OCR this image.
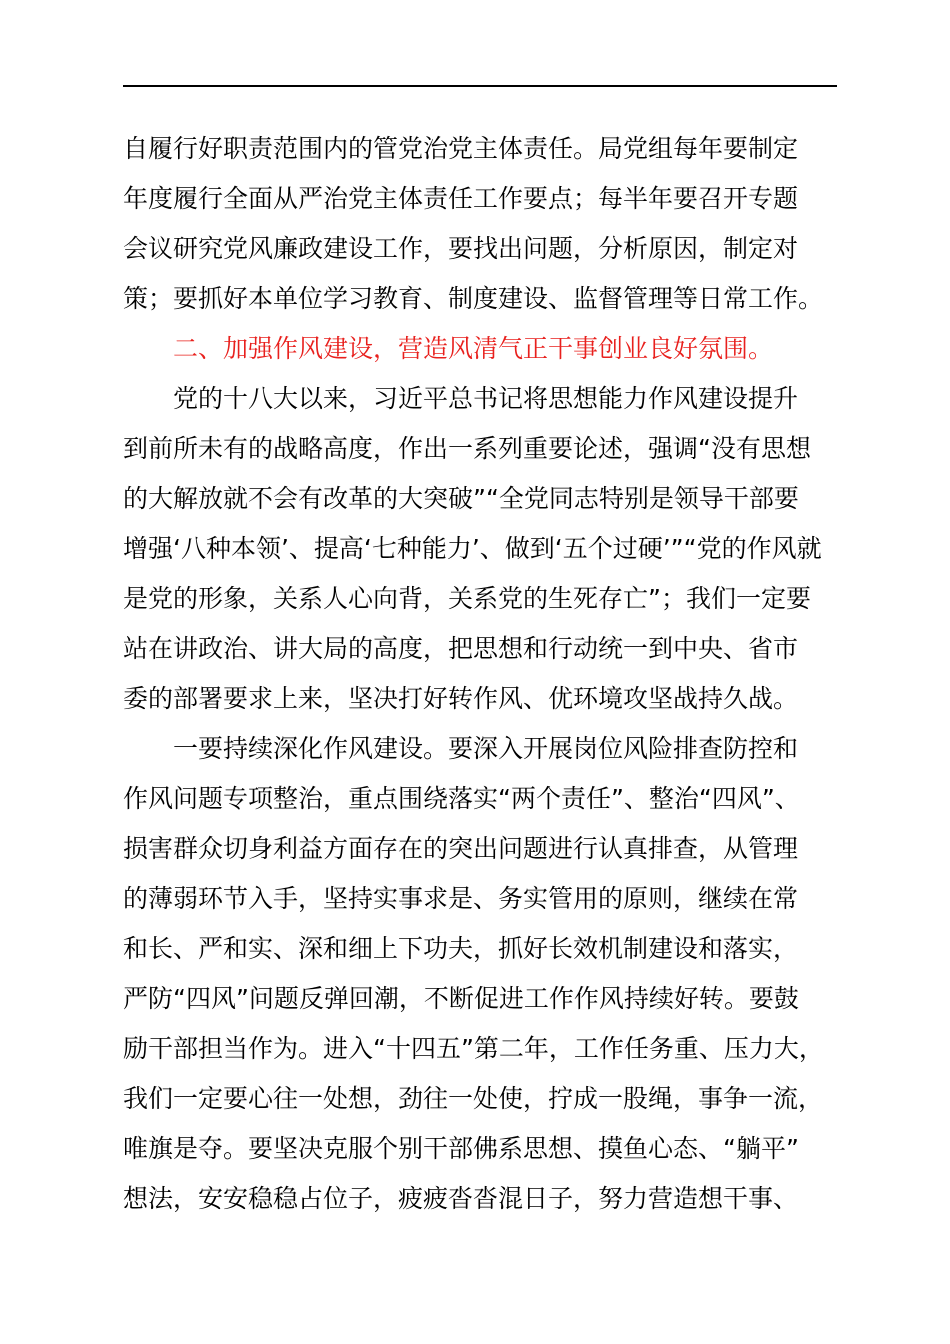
自履行好职责范围内的管党治党主体责任。局党组每年要制定
年度履行全面从严治党主体责任工作要点；每半年要召开专题
会议研究党风廉政建设工作，要找出问题，分析原因，制定对
策；要抓好本单位学习教育、制度建设、监督管理等日常工作。
二、加强作风建设，营造风清气正干事创业良好氛围。
党的十八大以来，习近平总书记将思想能力作风建设提升
到前所未有的战略高度，作出一系列重要论述，强调“没有思想
的大解放就不会有改革的大突破”“全党同志特别是领导干部要
增强‘八种本领’、提高‘七种能力’、做到‘五个过硬’”“党的作风就
是党的形象，关系人心向背，关系党的生死存亡”；我们一定要
站在讲政治、讲大局的高度，把思想和行动统一到中央、省市
委的部署要求上来，坚决打好转作风、优环境攻坚战持久战。
一要持续深化作风建设。要深入开展岗位风险排查防控和
作风问题专项整治，重点围绕落实“两个责任”、整治“四风”、
损害群众切身利益方面存在的突出问题进行认真排查，从管理
的薄弱环节入手，坚持实事求是、务实管用的原则，继续在常
和长、严和实、深和细上下功夫，抓好长效机制建设和落实，
严防“四风”问题反弹回潮，不断促进工作作风持续好转。要鼓
励干部担当作为。进入“十四五”第二年，工作任务重、压力大，
我们一定要心往一处想，劲往一处使，拧成一股绳，事争一流，
唯旗是夺。要坚决克服个别干部佛系思想、摸鱼心态、“躺平”
想法，安安稳稳占位子，疲疲沓沓混日子，努力营造想干事、
